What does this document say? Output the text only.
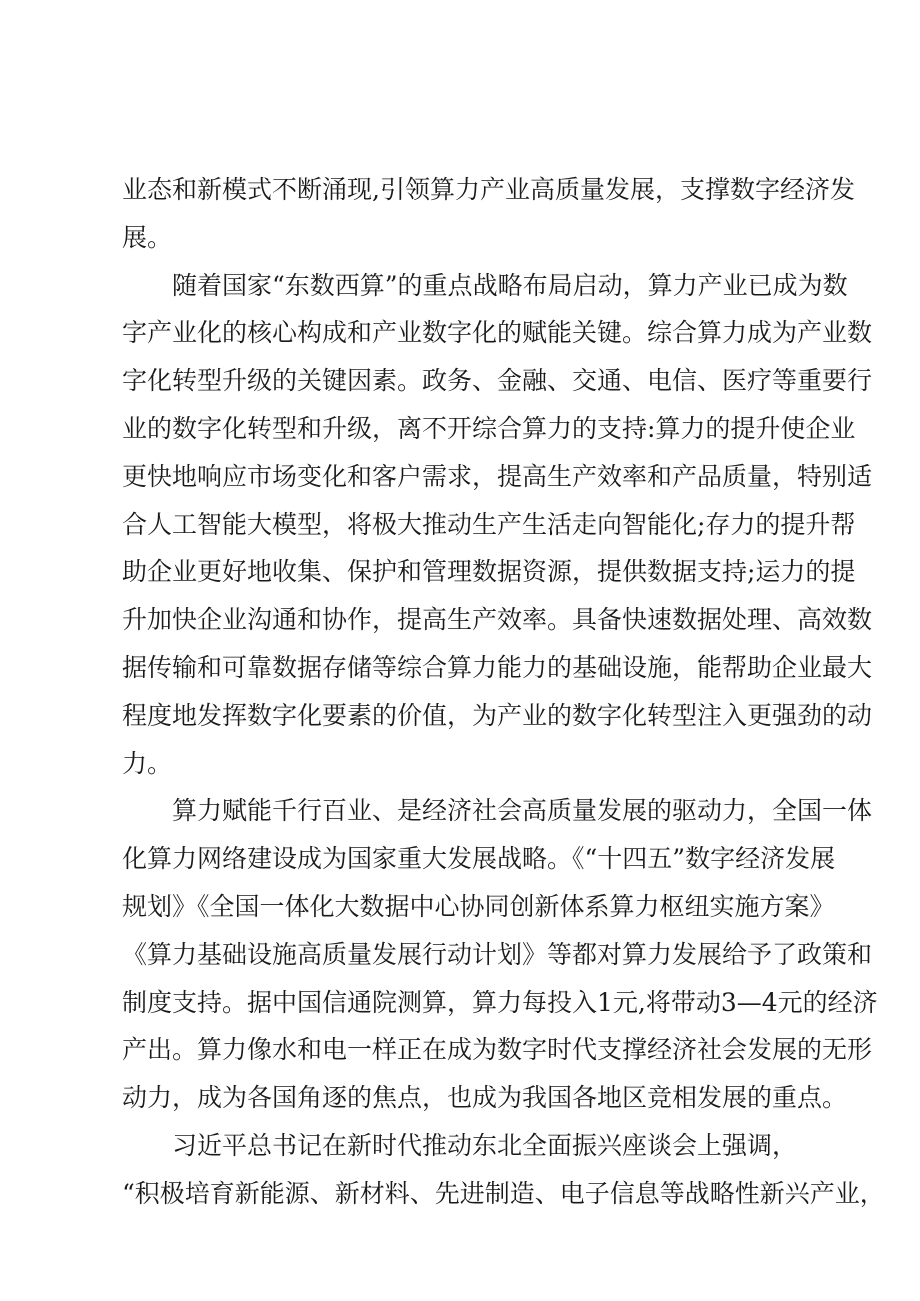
业态和新模式不断涌现,引领算力产业高质量发展，支撑数字经济发
展。
随着国家“东数西算”的重点战略布局启动，算力产业已成为数
字产业化的核心构成和产业数字化的赋能关键。综合算力成为产业数
字化转型升级的关键因素。政务、金融、交通、电信、医疗等重要行
业的数字化转型和升级，离不开综合算力的支持:算力的提升使企业
更快地响应市场变化和客户需求，提高生产效率和产品质量，特别适
合人工智能大模型，将极大推动生产生活走向智能化;存力的提升帮
助企业更好地收集、保护和管理数据资源，提供数据支持;运力的提
升加快企业沟通和协作，提高生产效率。具备快速数据处理、高效数
据传输和可靠数据存储等综合算力能力的基础设施，能帮助企业最大
程度地发挥数字化要素的价值，为产业的数字化转型注入更强劲的动
力。
算力赋能千行百业、是经济社会高质量发展的驱动力，全国一体
化算力网络建设成为国家重大发展战略。《“十四五”数字经济发展
规划》《全国一体化大数据中心协同创新体系算力枢纽实施方案》
《算力基础设施高质量发展行动计划》等都对算力发展给予了政策和
制度支持。据中国信通院测算，算力每投入1元,将带动3—4元的经济
产出。算力像水和电一样正在成为数字时代支撑经济社会发展的无形
动力，成为各国角逐的焦点，也成为我国各地区竞相发展的重点。
习近平总书记在新时代推动东北全面振兴座谈会上强调，
“积极培育新能源、新材料、先进制造、电子信息等战略性新兴产业，
